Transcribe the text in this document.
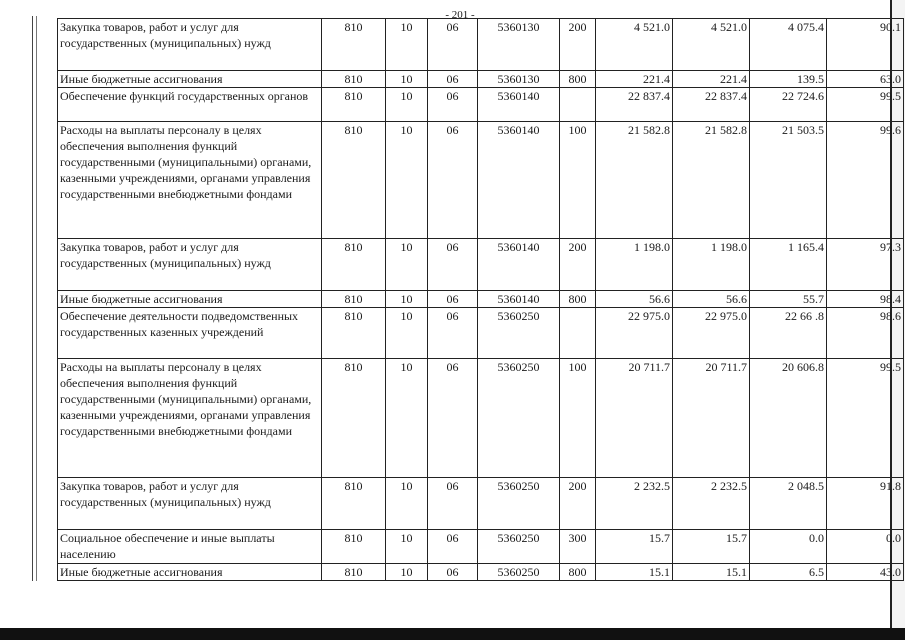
- 201 -
Закупка товаров, работ и услуг для государственных (муниципальных) нужд	810	10	06	5360130	200	4 521.0	4 521.0	4 075.4	90.1
Иные бюджетные ассигнования	810	10	06	5360130	800	221.4	221.4	139.5	63.0
Обеспечение функций государственных органов	810	10	06	5360140		22 837.4	22 837.4	22 724.6	99.5
Расходы на выплаты персоналу в целях обеспечения выполнения функций государственными (муниципальными) органами, казенными учреждениями, органами управления государственными внебюджетными фондами	810	10	06	5360140	100	21 582.8	21 582.8	21 503.5	99.6
Закупка товаров, работ и услуг для государственных (муниципальных) нужд	810	10	06	5360140	200	1 198.0	1 198.0	1 165.4	97.3
Иные бюджетные ассигнования	810	10	06	5360140	800	56.6	56.6	55.7	98.4
Обеспечение деятельности подведомственных государственных казенных учреждений	810	10	06	5360250		22 975.0	22 975.0	22 66 .8	98.6
Расходы на выплаты персоналу в целях обеспечения выполнения функций государственными (муниципальными) органами, казенными учреждениями, органами управления государственными внебюджетными фондами	810	10	06	5360250	100	20 711.7	20 711.7	20 606.8	99.5
Закупка товаров, работ и услуг для государственных (муниципальных) нужд	810	10	06	5360250	200	2 232.5	2 232.5	2 048.5	91.8
Социальное обеспечение и иные выплаты населению	810	10	06	5360250	300	15.7	15.7	0.0	0.0
Иные бюджетные ассигнования	810	10	06	5360250	800	15.1	15.1	6.5	43.0
